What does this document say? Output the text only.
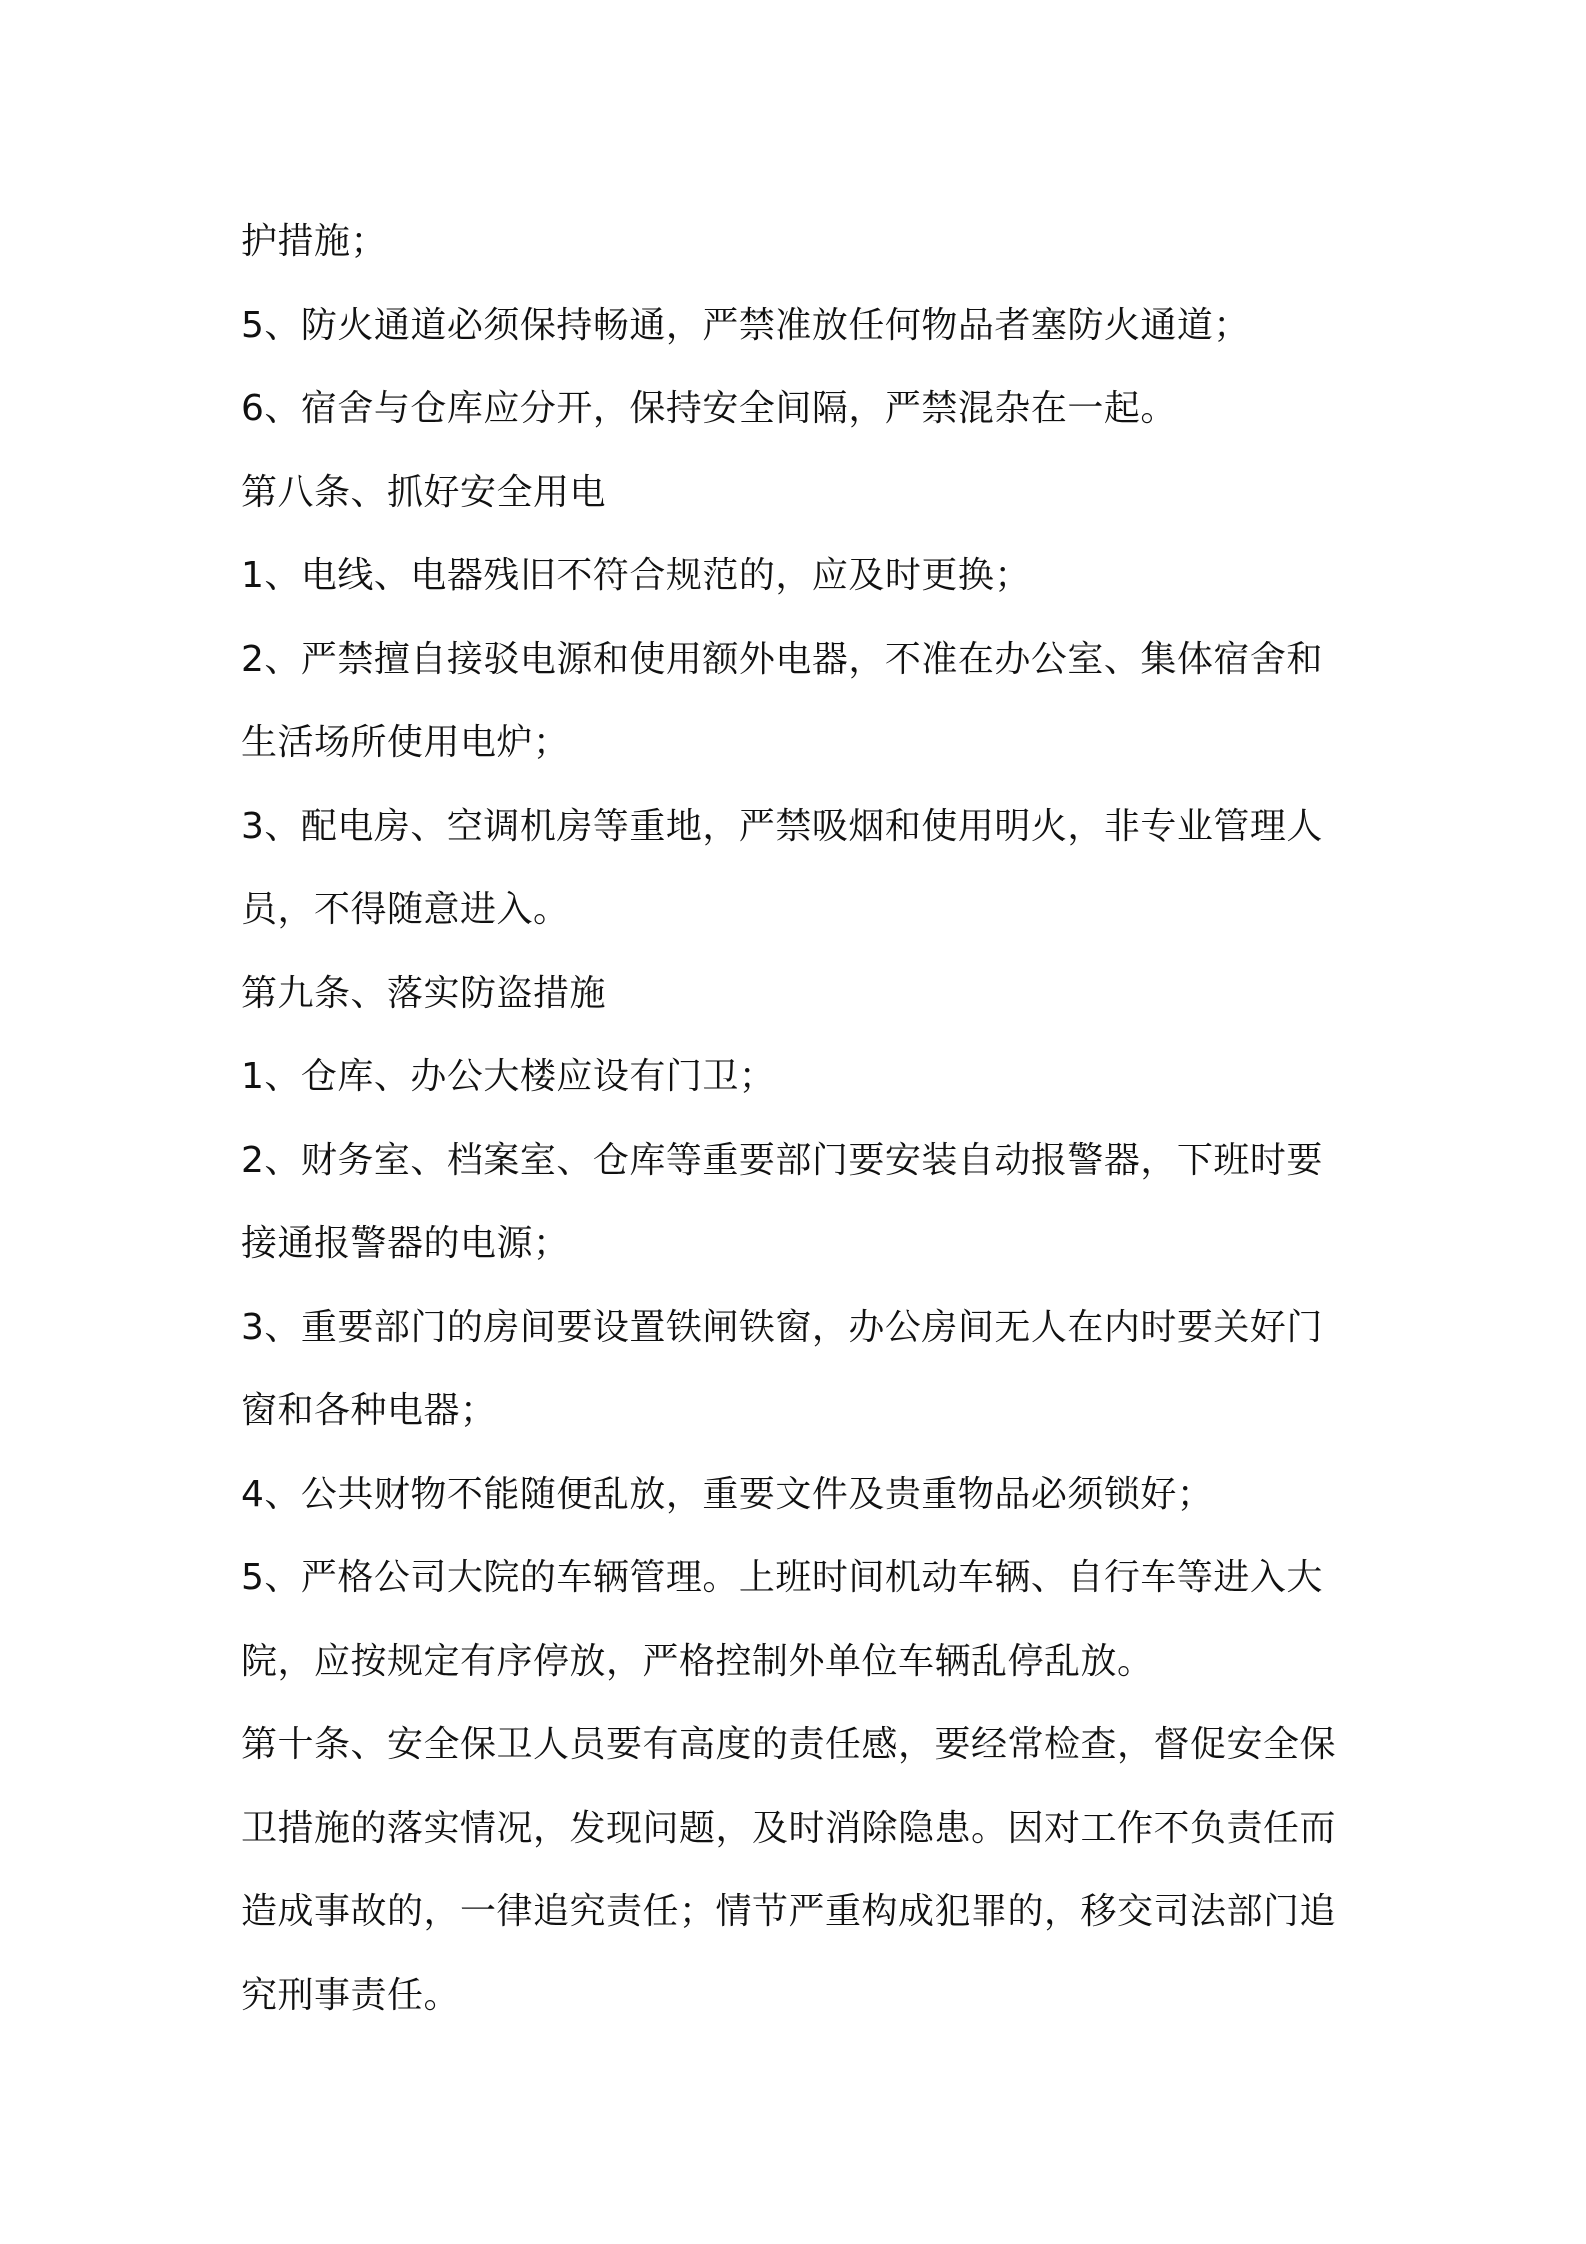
护措施；

5、防火通道必须保持畅通，严禁准放任何物品者塞防火通道；

6、宿舍与仓库应分开，保持安全间隔，严禁混杂在一起。

第八条、抓好安全用电

1、电线、电器残旧不符合规范的，应及时更换；

2、严禁擅自接驳电源和使用额外电器，不准在办公室、集体宿舍和

生活场所使用电炉；

3、配电房、空调机房等重地，严禁吸烟和使用明火，非专业管理人

员，不得随意进入。

第九条、落实防盗措施

1、仓库、办公大楼应设有门卫；

2、财务室、档案室、仓库等重要部门要安装自动报警器，下班时要

接通报警器的电源；

3、重要部门的房间要设置铁闸铁窗，办公房间无人在内时要关好门

窗和各种电器；

4、公共财物不能随便乱放，重要文件及贵重物品必须锁好；

5、严格公司大院的车辆管理。上班时间机动车辆、自行车等进入大

院，应按规定有序停放，严格控制外单位车辆乱停乱放。

第十条、安全保卫人员要有高度的责任感，要经常检查，督促安全保

卫措施的落实情况，发现问题，及时消除隐患。因对工作不负责任而

造成事故的，一律追究责任；情节严重构成犯罪的，移交司法部门追

究刑事责任。
